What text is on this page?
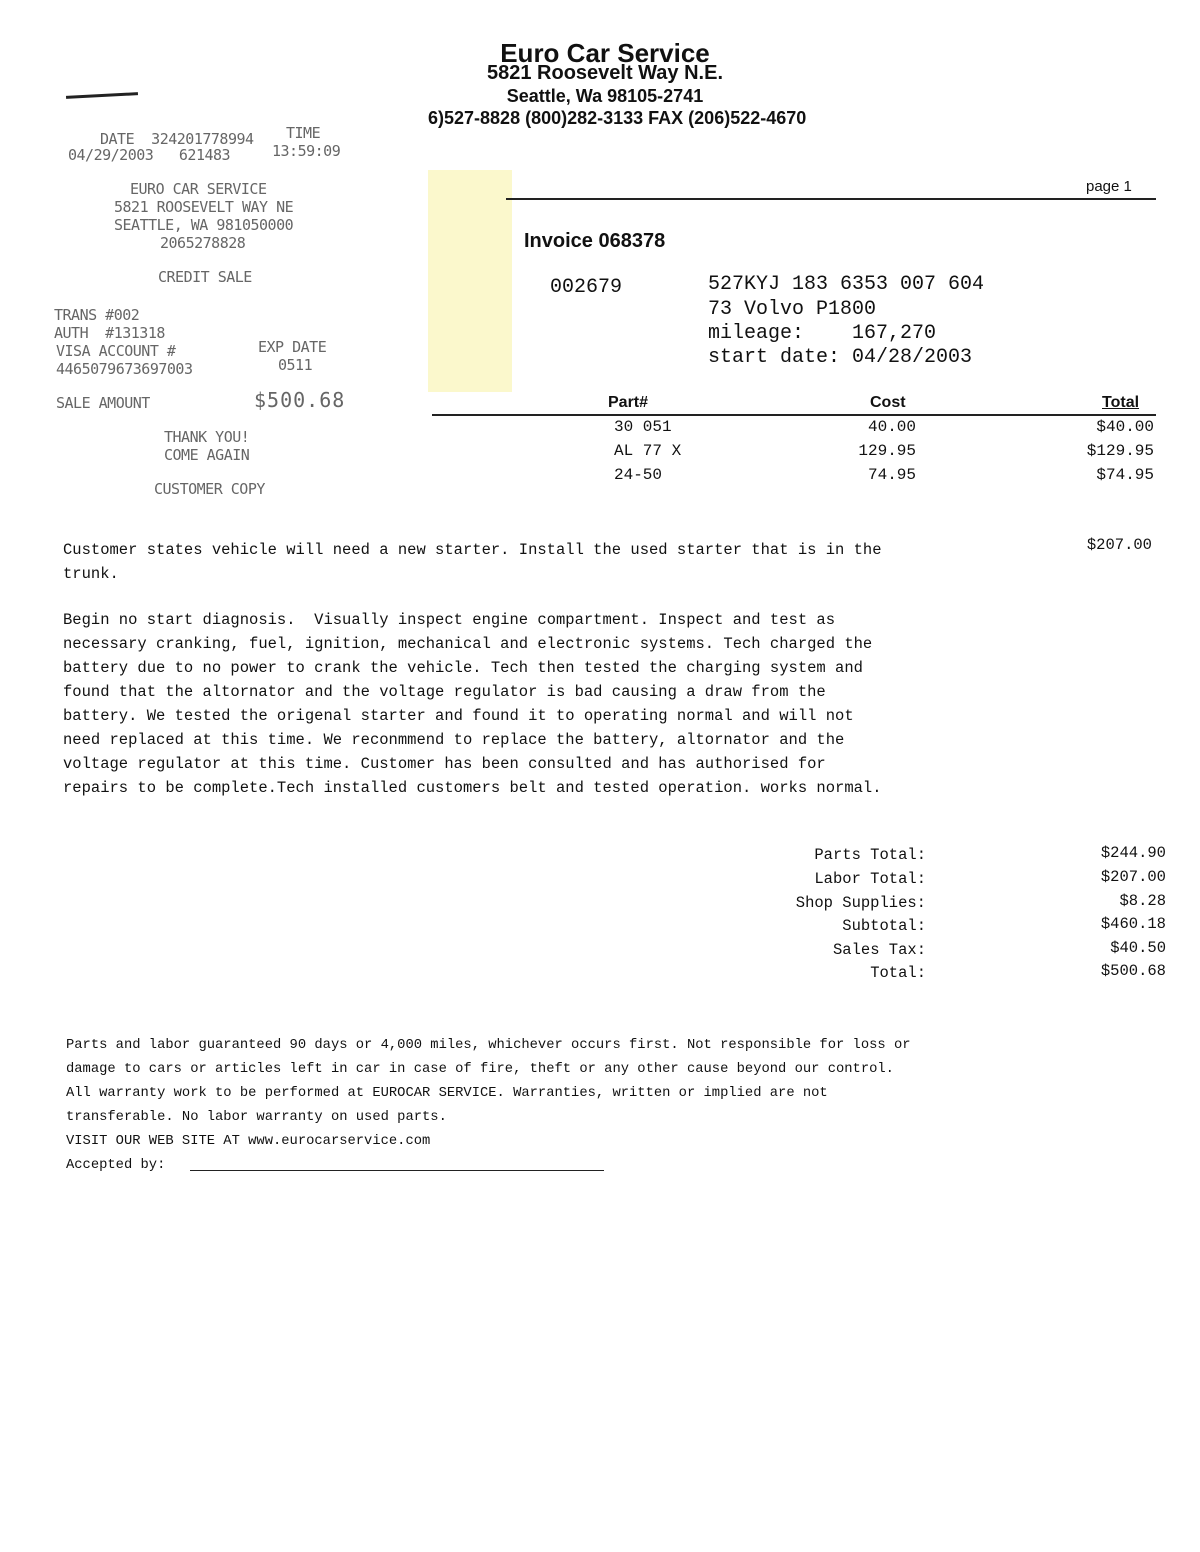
Euro Car Service
5821 Roosevelt Way N.E.
Seattle, Wa 98105-2741
6)527-8828 (800)282-3133 FAX (206)522-4670
page 1
Invoice 068378
002679	527KYJ 183 6353 007 604
73 Volvo P1800
mileage:    167,270
start date: 04/28/2003
Part#	Cost	Total
30 051	40.00	$40.00
AL 77 X	129.95	$129.95
24-50	74.95	$74.95
DATE  324201778994 TIME
04/29/2003   621483	13:59:09
EURO CAR SERVICE
5821 ROOSEVELT WAY NE
SEATTLE, WA 981050000
2065278828
CREDIT SALE
TRANS #002
AUTH  #131318
VISA ACCOUNT #
4465079673697003
EXP DATE
0511
SALE AMOUNT	$500.68
THANK YOU!
COME AGAIN
CUSTOMER COPY
Customer states vehicle will need a new starter. Install the used starter that is in the
trunk.
$207.00
Begin no start diagnosis.  Visually inspect engine compartment. Inspect and test as
necessary cranking, fuel, ignition, mechanical and electronic systems. Tech charged the
battery due to no power to crank the vehicle. Tech then tested the charging system and
found that the altornator and the voltage regulator is bad causing a draw from the
battery. We tested the origenal starter and found it to operating normal and will not
need replaced at this time. We reconmmend to replace the battery, altornator and the
voltage regulator at this time. Customer has been consulted and has authorised for
repairs to be complete.Tech installed customers belt and tested operation. works normal.
Parts Total:	$244.90
Labor Total:	$207.00
Shop Supplies:	$8.28
Subtotal:	$460.18
Sales Tax:	$40.50
Total:	$500.68
Parts and labor guaranteed 90 days or 4,000 miles, whichever occurs first. Not responsible for loss or
damage to cars or articles left in car in case of fire, theft or any other cause beyond our control.
All warranty work to be performed at EUROCAR SERVICE. Warranties, written or implied are not
transferable. No labor warranty on used parts.
VISIT OUR WEB SITE AT www.eurocarservice.com
Accepted by:
